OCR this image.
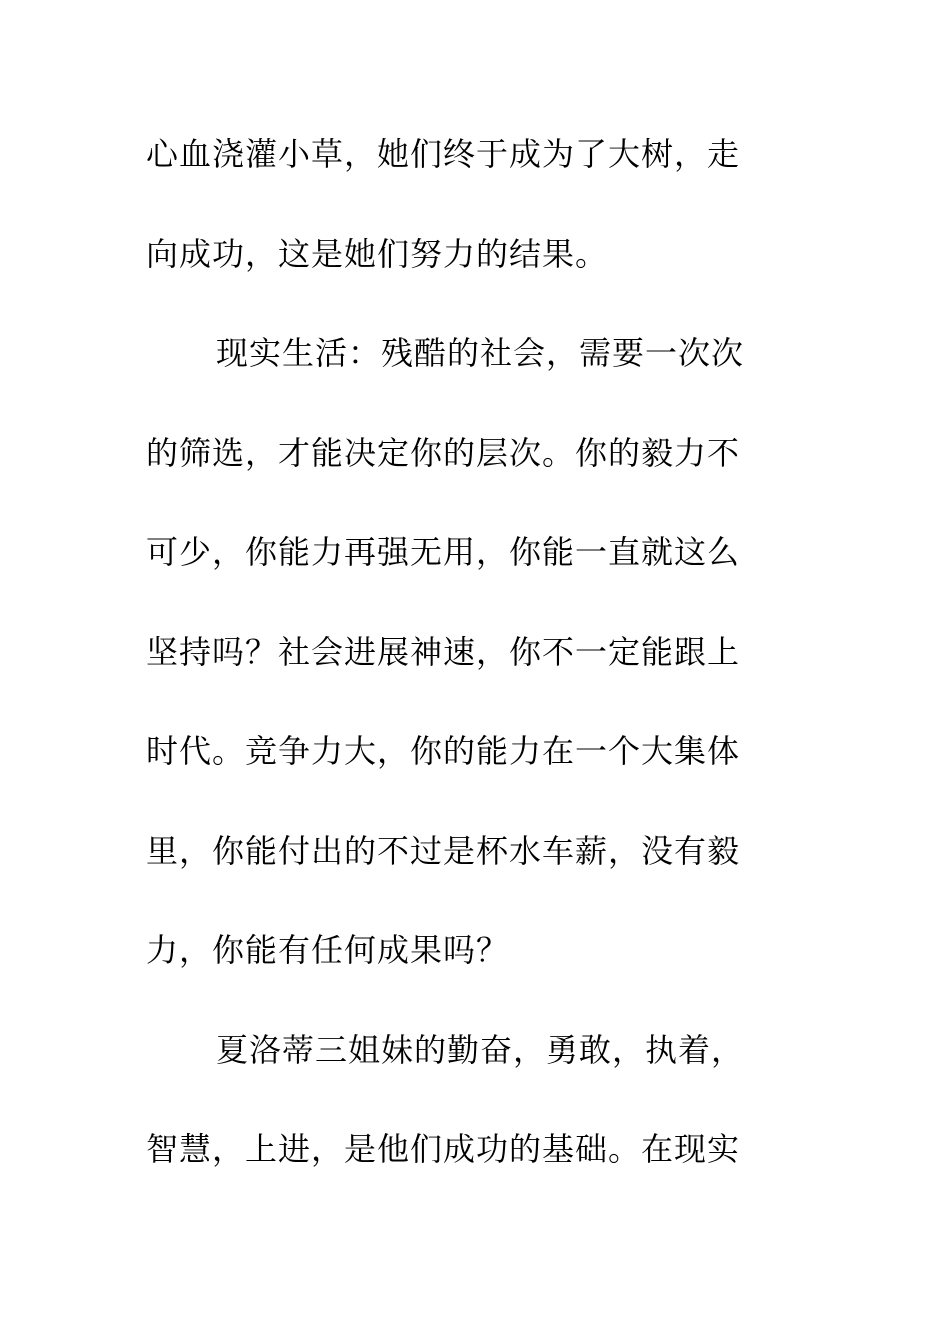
心血浇灌小草，她们终于成为了大树，走
向成功，这是她们努力的结果。
现实生活：残酷的社会，需要一次次
的筛选，才能决定你的层次。你的毅力不
可少，你能力再强无用，你能一直就这么
坚持吗？社会进展神速，你不一定能跟上
时代。竞争力大，你的能力在一个大集体
里，你能付出的不过是杯水车薪，没有毅
力，你能有任何成果吗？
夏洛蒂三姐妹的勤奋，勇敢，执着，
智慧，上进，是他们成功的基础。在现实
